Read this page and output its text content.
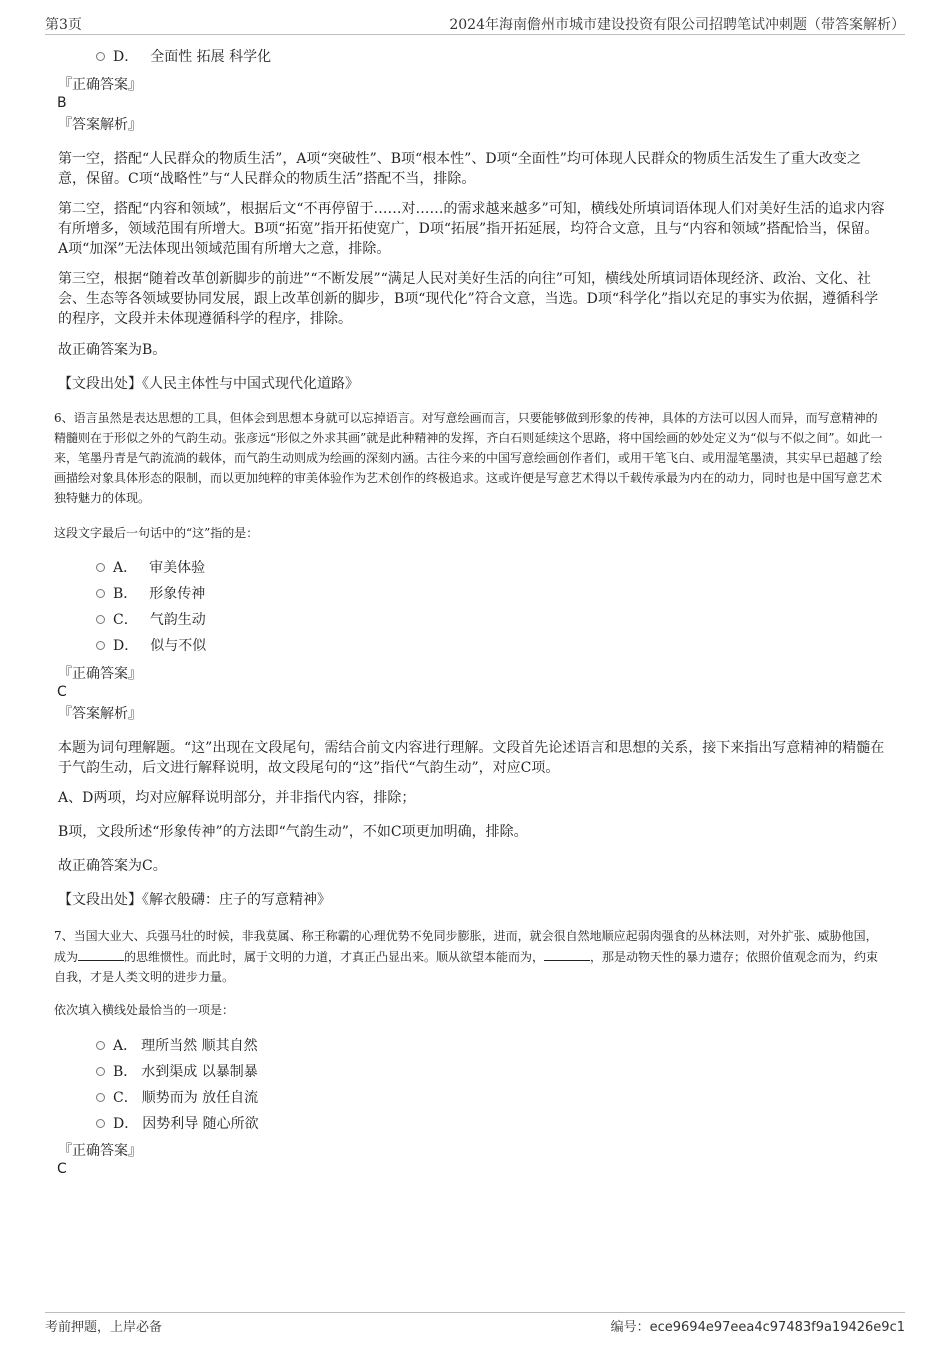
第3页	2024年海南儋州市城市建设投资有限公司招聘笔试冲刺题（带答案解析）
D． 全面性 拓展 科学化
『正确答案』
B
『答案解析』

第一空，搭配“人民群众的物质生活”，A项“突破性”、B项“根本性”、D项“全面性”均可体现人民群众的物质生活发生了重大改变之意，保留。C项“战略性”与“人民群众的物质生活”搭配不当，排除。

第二空，搭配“内容和领域”，根据后文“不再停留于……对……的需求越来越多”可知，横线处所填词语体现人们对美好生活的追求内容有所增多，领域范围有所增大。B项“拓宽”指开拓使宽广，D项“拓展”指开拓延展，均符合文意，且与“内容和领域”搭配恰当，保留。A项“加深”无法体现出领域范围有所增大之意，排除。

第三空，根据“随着改革创新脚步的前进”“不断发展”“满足人民对美好生活的向往”可知，横线处所填词语体现经济、政治、文化、社会、生态等各领域要协同发展，跟上改革创新的脚步，B项“现代化”符合文意，当选。D项“科学化”指以充足的事实为依据，遵循科学的程序，文段并未体现遵循科学的程序，排除。

故正确答案为B。

【文段出处】《人民主体性与中国式现代化道路》

6、语言虽然是表达思想的工具，但体会到思想本身就可以忘掉语言。对写意绘画而言，只要能够做到形象的传神，具体的方法可以因人而异，而写意精神的精髓则在于形似之外的气韵生动。张彦远“形似之外求其画”就是此种精神的发挥，齐白石则延续这个思路，将中国绘画的妙处定义为“似与不似之间”。如此一来，笔墨丹青是气韵流淌的载体，而气韵生动则成为绘画的深刻内涵。古往今来的中国写意绘画创作者们，或用干笔飞白、或用湿笔墨渍，其实早已超越了绘画描绘对象具体形态的限制，而以更加纯粹的审美体验作为艺术创作的终极追求。这或许便是写意艺术得以千载传承最为内在的动力，同时也是中国写意艺术独特魅力的体现。

这段文字最后一句话中的“这”指的是：

A． 审美体验
B． 形象传神
C． 气韵生动
D． 似与不似
『正确答案』
C
『答案解析』

本题为词句理解题。“这”出现在文段尾句，需结合前文内容进行理解。文段首先论述语言和思想的关系，接下来指出写意精神的精髓在于气韵生动，后文进行解释说明，故文段尾句的“这”指代“气韵生动”，对应C项。

A、D两项，均对应解释说明部分，并非指代内容，排除；

B项，文段所述“形象传神”的方法即“气韵生动”，不如C项更加明确，排除。

故正确答案为C。

【文段出处】《解衣般礴：庄子的写意精神》

7、当国大业大、兵强马壮的时候，非我莫属、称王称霸的心理优势不免同步膨胀，进而，就会很自然地顺应起弱肉强食的丛林法则，对外扩张、威胁他国，成为	的思维惯性。而此时，属于文明的力道，才真正凸显出来。顺从欲望本能而为，	，那是动物天性的暴力遗存；依照价值观念而为，约束自我，才是人类文明的进步力量。

依次填入横线处最恰当的一项是：

A． 理所当然 顺其自然
B． 水到渠成 以暴制暴
C． 顺势而为 放任自流
D． 因势利导 随心所欲
『正确答案』
C
考前押题，上岸必备	编号：ece9694e97eea4c97483f9a19426e9c1
